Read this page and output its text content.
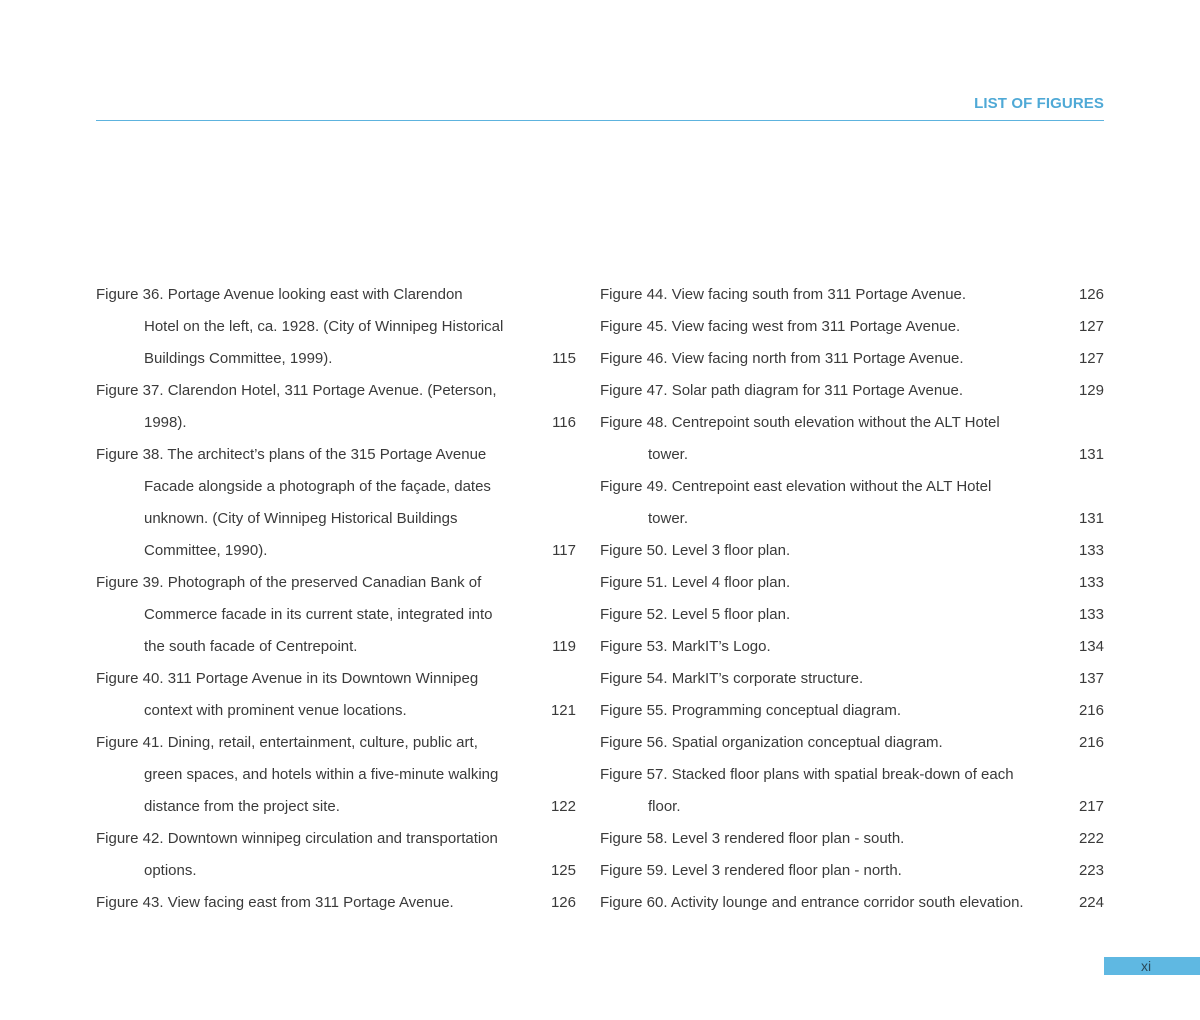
LIST OF FIGURES
Figure 36. Portage Avenue looking east with Clarendon
Hotel on the left, ca. 1928. (City of Winnipeg Historical
Buildings Committee, 1999).	115
Figure 37. Clarendon Hotel, 311 Portage Avenue. (Peterson,
1998).	116
Figure 38. The architect’s plans of the 315 Portage Avenue
Facade alongside a photograph of the façade, dates
unknown. (City of Winnipeg Historical Buildings
Committee, 1990).	117
Figure 39. Photograph of the preserved Canadian Bank of
Commerce facade in its current state, integrated into
the south facade of Centrepoint.	119
Figure 40. 311 Portage Avenue in its Downtown Winnipeg
context with prominent venue locations.	121
Figure 41. Dining, retail, entertainment, culture, public art,
green spaces, and hotels within a five-minute walking
distance from the project site.	122
Figure 42. Downtown winnipeg circulation and transportation
options.	125
Figure 43. View facing east from 311 Portage Avenue.	126
Figure 44. View facing south from 311 Portage Avenue.	126
Figure 45. View facing west from 311 Portage Avenue.	127
Figure 46. View facing north from 311 Portage Avenue.	127
Figure 47. Solar path diagram for 311 Portage Avenue.	129
Figure 48. Centrepoint south elevation without the ALT Hotel
tower.	131
Figure 49. Centrepoint east elevation without the ALT Hotel
tower.	131
Figure 50. Level 3 floor plan.	133
Figure 51. Level 4 floor plan.	133
Figure 52. Level 5 floor plan.	133
Figure 53. MarkIT’s Logo.	134
Figure 54. MarkIT’s corporate structure.	137
Figure 55. Programming conceptual diagram.	216
Figure 56. Spatial organization conceptual diagram.	216
Figure 57. Stacked floor plans with spatial break-down of each
floor.	217
Figure 58. Level 3 rendered floor plan - south.	222
Figure 59. Level 3 rendered floor plan - north.	223
Figure 60. Activity lounge and entrance corridor south elevation.	224
xi
